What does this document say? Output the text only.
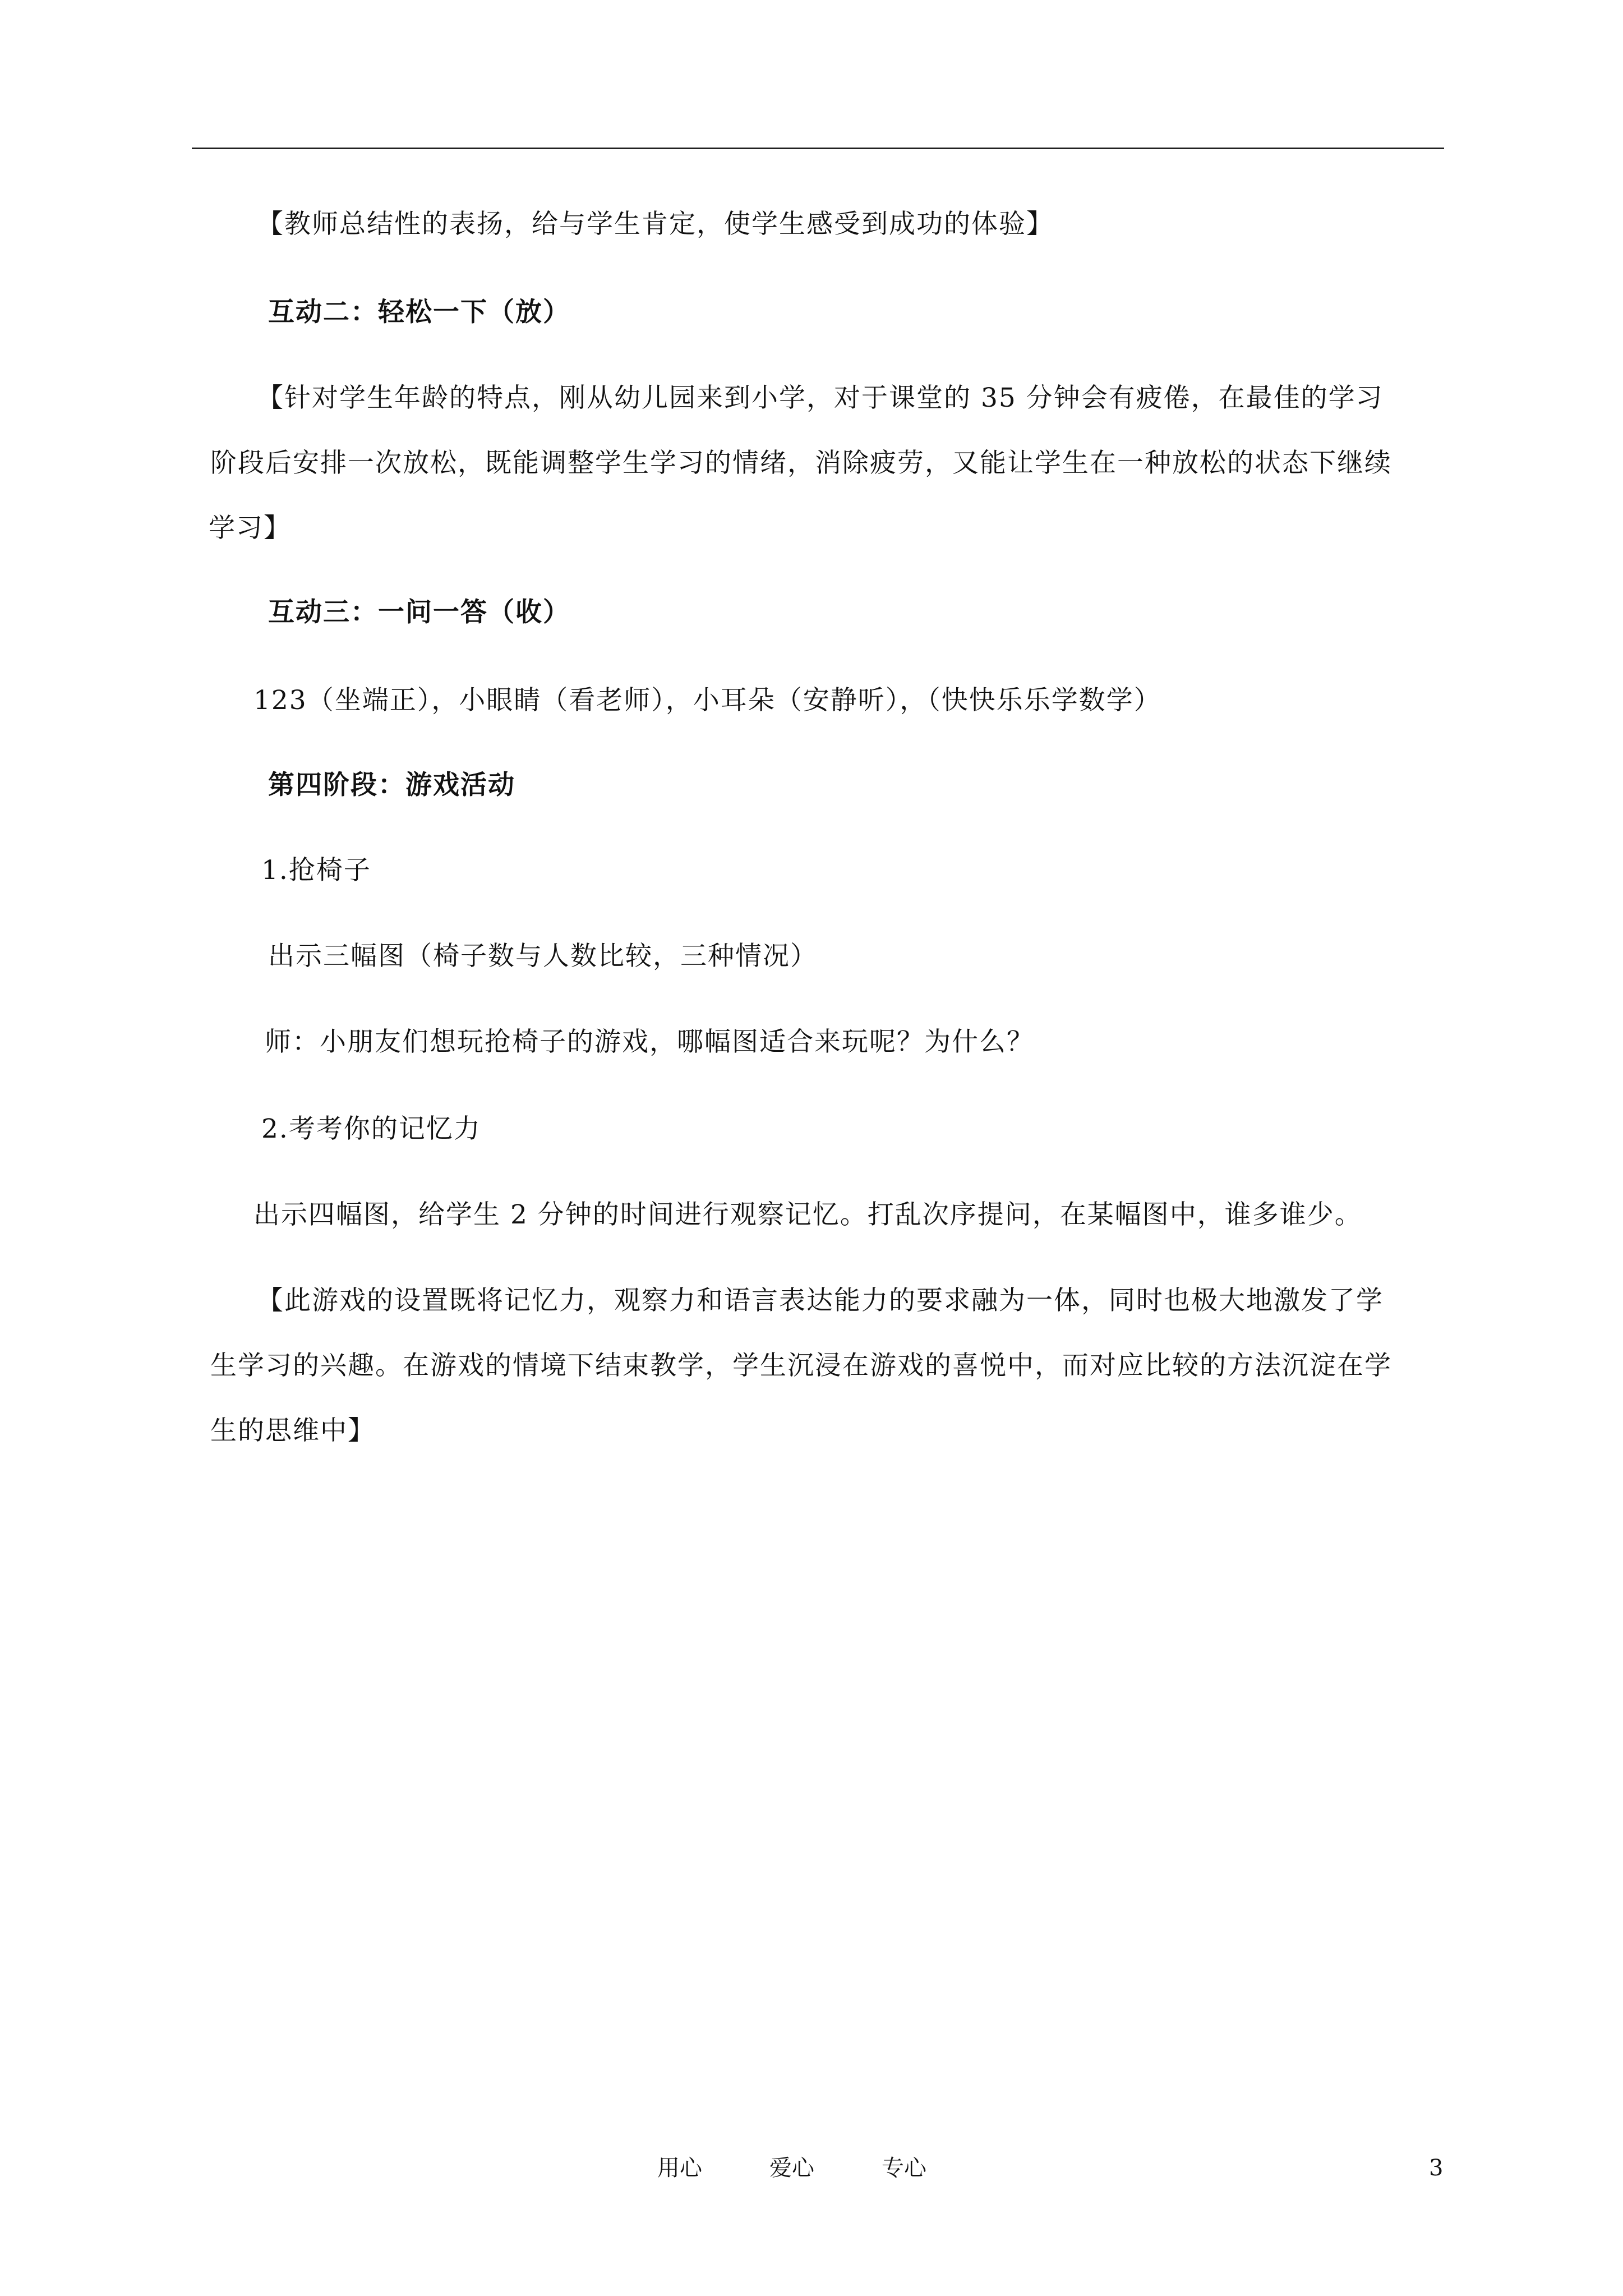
【教师总结性的表扬，给与学生肯定，使学生感受到成功的体验】
互动二：轻松一下（放）
【针对学生年龄的特点，刚从幼儿园来到小学，对于课堂的 35 分钟会有疲倦，在最佳的学习
阶段后安排一次放松，既能调整学生学习的情绪，消除疲劳，又能让学生在一种放松的状态下继续
学习】
互动三：一问一答（收）
123（坐端正），小眼睛（看老师），小耳朵（安静听），（快快乐乐学数学）
第四阶段：游戏活动
1.抢椅子
出示三幅图（椅子数与人数比较，三种情况）
师：小朋友们想玩抢椅子的游戏，哪幅图适合来玩呢？为什么？
2.考考你的记忆力
出示四幅图，给学生 2 分钟的时间进行观察记忆。打乱次序提问，在某幅图中，谁多谁少。
【此游戏的设置既将记忆力，观察力和语言表达能力的要求融为一体，同时也极大地激发了学
生学习的兴趣。在游戏的情境下结束教学，学生沉浸在游戏的喜悦中，而对应比较的方法沉淀在学
生的思维中】
用心	爱心	专心	3
